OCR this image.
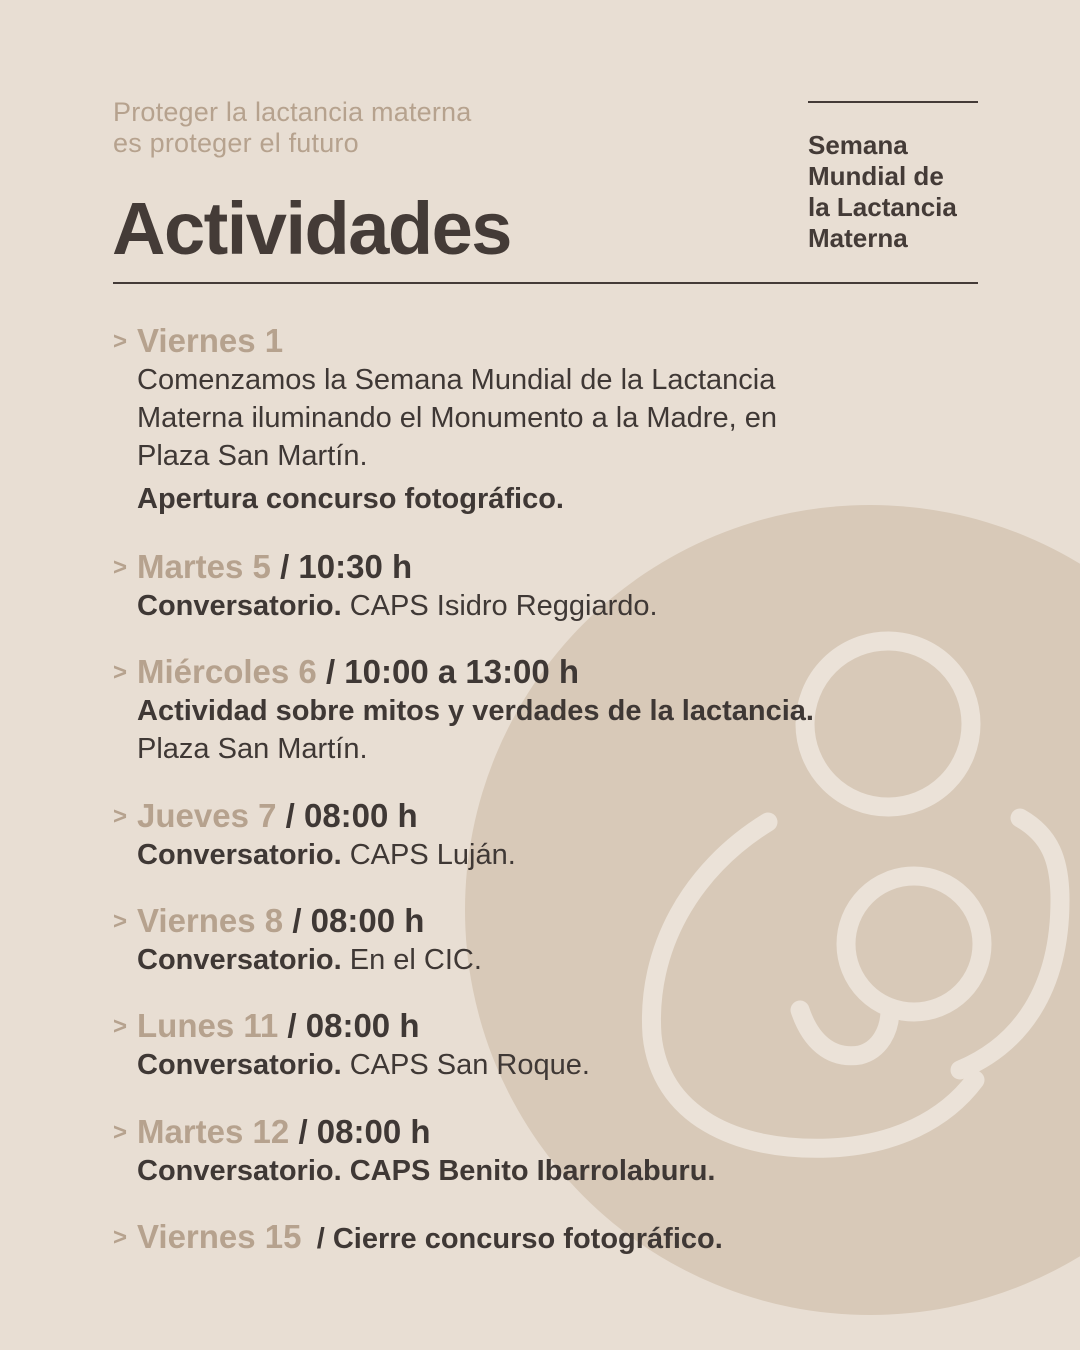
Proteger la lactancia materna
es proteger el futuro
Actividades
Semana
Mundial de
la Lactancia
Materna
> Viernes 1
Comenzamos la Semana Mundial de la Lactancia
Materna iluminando el Monumento a la Madre, en
Plaza San Martín.
Apertura concurso fotográfico.
> Martes 5 / 10:30 h
Conversatorio. CAPS Isidro Reggiardo.
> Miércoles 6 / 10:00 a 13:00 h
Actividad sobre mitos y verdades de la lactancia.
Plaza San Martín.
> Jueves 7 / 08:00 h
Conversatorio. CAPS Luján.
> Viernes 8 / 08:00 h
Conversatorio. En el CIC.
> Lunes 11 / 08:00 h
Conversatorio. CAPS San Roque.
> Martes 12 / 08:00 h
Conversatorio. CAPS Benito Ibarrolaburu.
> Viernes 15 / Cierre concurso fotográfico.
